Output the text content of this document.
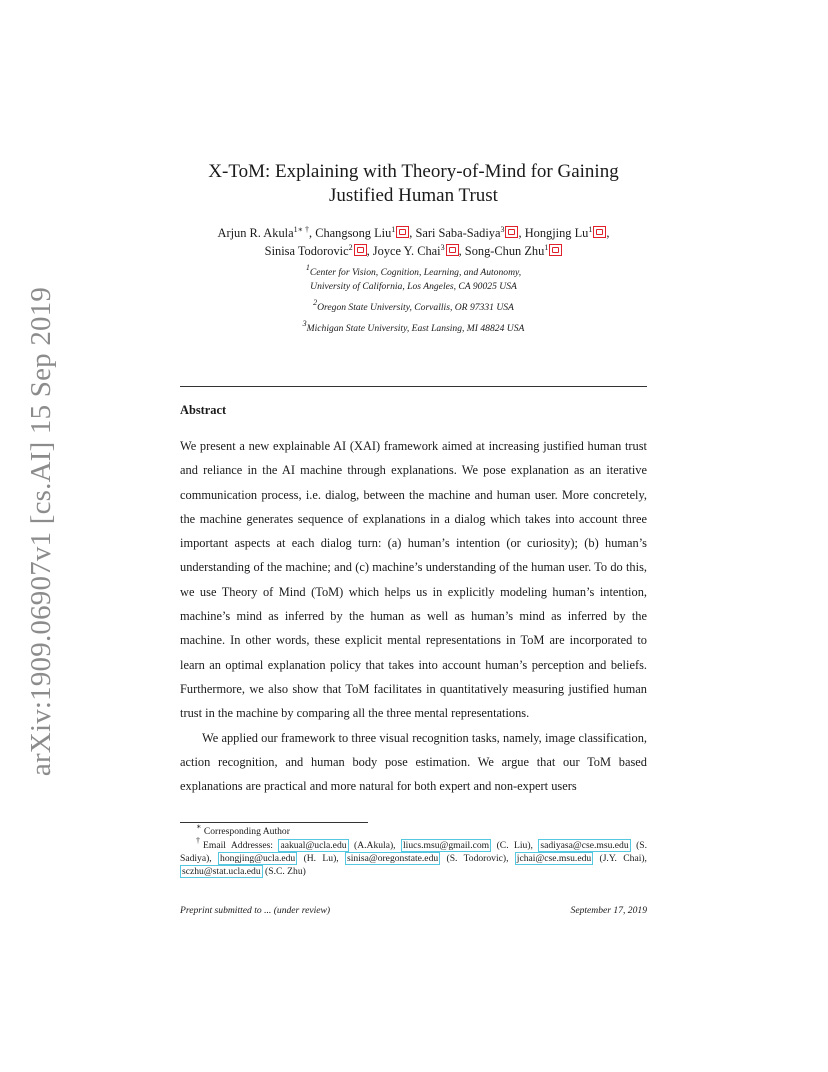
arXiv:1909.06907v1 [cs.AI] 15 Sep 2019
X-ToM: Explaining with Theory-of-Mind for Gaining
Justified Human Trust
Arjun R. Akula$^{1∗ \dagger}$, Changsong Liu$^1$ , Sari Saba-Sadiya$^3$ , Hongjing Lu$^1$ ,
Sinisa Todorovic$^2$ , Joyce Y. Chai$^3$ , Song-Chun Zhu$^1$
$^1$Center for Vision, Cognition, Learning, and Autonomy,
University of California, Los Angeles, CA 90025 USA
$^2$Oregon State University, Corvallis, OR 97331 USA
$^3$Michigan State University, East Lansing, MI 48824 USA
Abstract

We present a new explainable AI (XAI) framework aimed at increasing justified human trust and reliance in the AI machine through explanations. We pose explanation as an iterative communication process, i.e. dialog, between the machine and human user. More concretely, the machine generates sequence of explanations in a dialog which takes into account three important aspects at each dialog turn: (a) human’s intention (or curiosity); (b) human’s understanding of the machine; and (c) machine’s understanding of the human user. To do this, we use Theory of Mind (ToM) which helps us in explicitly modeling human’s intention, machine’s mind as inferred by the human as well as human’s mind as inferred by the machine. In other words, these explicit mental representations in ToM are incorporated to learn an optimal explanation policy that takes into account human’s perception and beliefs. Furthermore, we also show that ToM facilitates in quantitatively measuring justified human trust in the machine by comparing all the three mental representations.

We applied our framework to three visual recognition tasks, namely, image classification, action recognition, and human body pose estimation. We argue that our ToM based explanations are practical and more natural for both expert and non-expert users

∗ Corresponding Author
†Email Addresses: aakual@ucla.edu (A.Akula), liucs.msu@gmail.com (C. Liu), sadiyasa@cse.msu.edu (S. Sadiya), hongjing@ucla.edu (H. Lu), sinisa@oregonstate.edu (S. Todorovic), jchai@cse.msu.edu (J.Y. Chai), sczhu@stat.ucla.edu (S.C. Zhu)
Preprint submitted to ... (under review)	September 17, 2019
